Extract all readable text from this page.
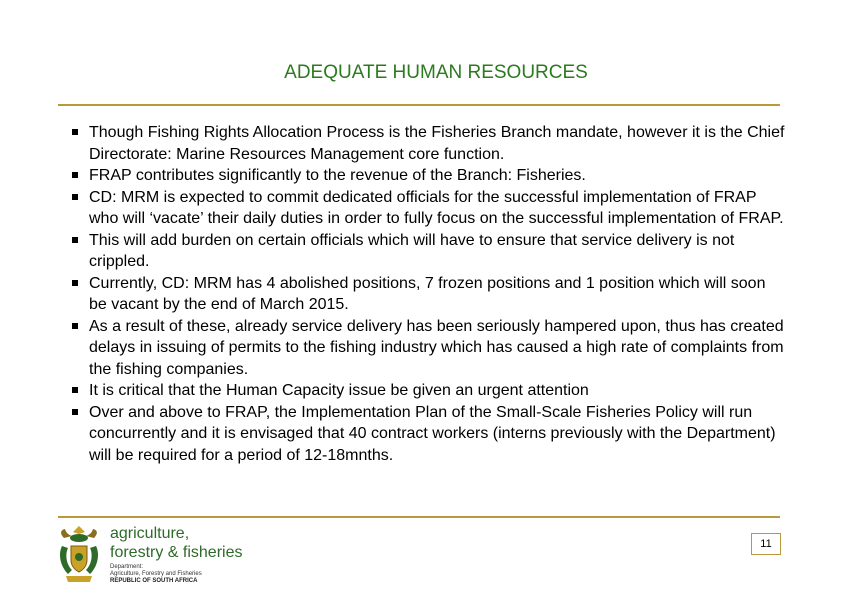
ADEQUATE HUMAN RESOURCES
Though Fishing Rights Allocation Process is the Fisheries Branch mandate, however it is the Chief Directorate: Marine Resources Management core function.
FRAP contributes significantly to the revenue of the Branch: Fisheries.
CD: MRM is expected to commit dedicated officials for the successful implementation of FRAP who will ‘vacate’ their daily duties in order to fully focus on the successful implementation of FRAP.
This will add burden on certain officials which will have to ensure that service delivery is not crippled.
Currently, CD: MRM has 4 abolished positions, 7 frozen positions and 1 position which will soon be vacant by the end of March 2015.
As a result of these, already service delivery has been seriously hampered upon, thus has created delays in issuing of permits to the fishing industry which has caused a high rate of complaints from the fishing companies.
It is critical that the Human Capacity issue be given an urgent attention
Over and above to FRAP, the Implementation Plan of the Small-Scale Fisheries Policy will run concurrently and it is envisaged that 40 contract workers (interns previously with the Department) will be required for a period of 12-18mnths.
agriculture,
forestry & fisheries
Department:
Agriculture, Forestry and Fisheries
REPUBLIC OF SOUTH AFRICA
11
